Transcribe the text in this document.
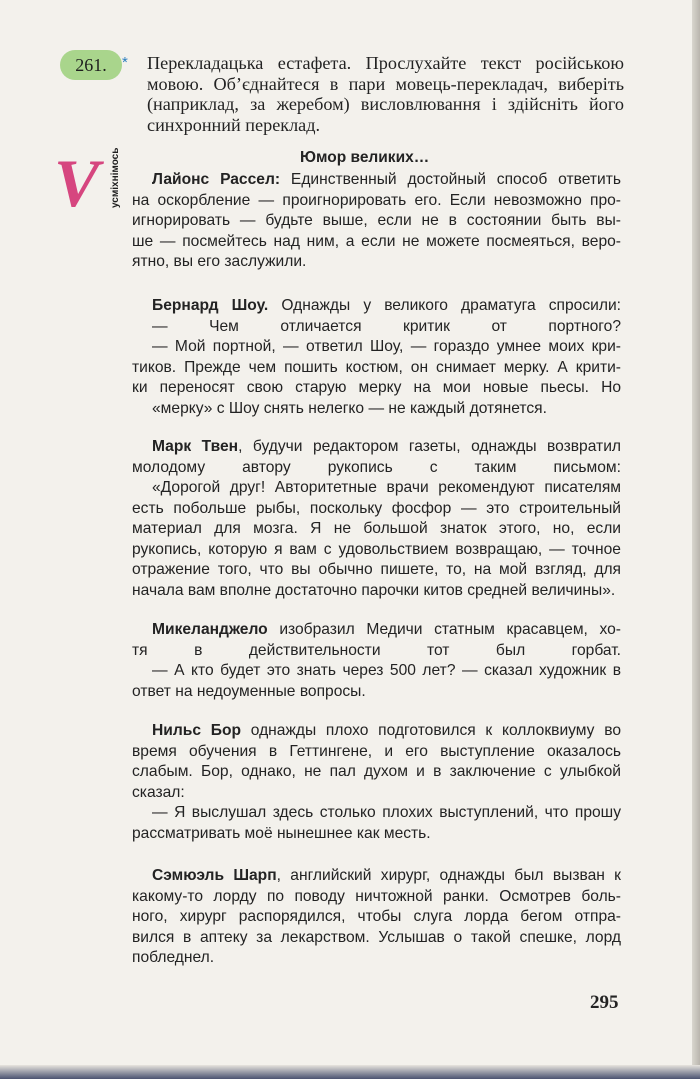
261.	* Перекладацька естафета. Прослухайте текст російською
мовою. Об’єднайтеся в пари мовець-перекладач, виберіть
(наприклад, за жеребом) висловлювання і здійсніть його
синхронний переклад.
V	усміхнімось	Юмор великих…
Лайонс Рассел: Единственный достойный способ ответить
на оскорбление — проигнорировать его. Если невозможно про-
игнорировать — будьте выше, если не в состоянии быть вы-
ше — посмейтесь над ним, а если не можете посмеяться, веро-
ятно, вы его заслужили.
Бернард Шоу. Однажды у великого драматуга спросили:
— Чем отличается критик от портного?
— Мой портной, — ответил Шоу, — гораздо умнее моих кри-
тиков. Прежде чем пошить костюм, он снимает мерку. А крити-
ки переносят свою старую мерку на мои новые пьесы. Но
«мерку» с Шоу снять нелегко — не каждый дотянется.
Марк Твен, будучи редактором газеты, однажды возвратил
молодому автору рукопись с таким письмом:
«Дорогой друг! Авторитетные врачи рекомендуют писателям
есть побольше рыбы, поскольку фосфор — это строительный
материал для мозга. Я не большой знаток этого, но, если
рукопись, которую я вам с удовольствием возвращаю, — точное
отражение того, что вы обычно пишете, то, на мой взгляд, для
начала вам вполне достаточно парочки китов средней величины».
Микеланджело изобразил Медичи статным красавцем, хо-
тя в действительности тот был горбат.
— А кто будет это знать через 500 лет? — сказал художник в
ответ на недоуменные вопросы.
Нильс Бор однажды плохо подготовился к коллоквиуму во
время обучения в Геттингене, и его выступление оказалось
слабым. Бор, однако, не пал духом и в заключение с улыбкой
сказал:
— Я выслушал здесь столько плохих выступлений, что прошу
рассматривать моё нынешнее как месть.
Сэмюэль Шарп, английский хирург, однажды был вызван к
какому-то лорду по поводу ничтожной ранки. Осмотрев боль-
ного, хирург распорядился, чтобы слуга лорда бегом отпра-
вился в аптеку за лекарством. Услышав о такой спешке, лорд
побледнел.
295
